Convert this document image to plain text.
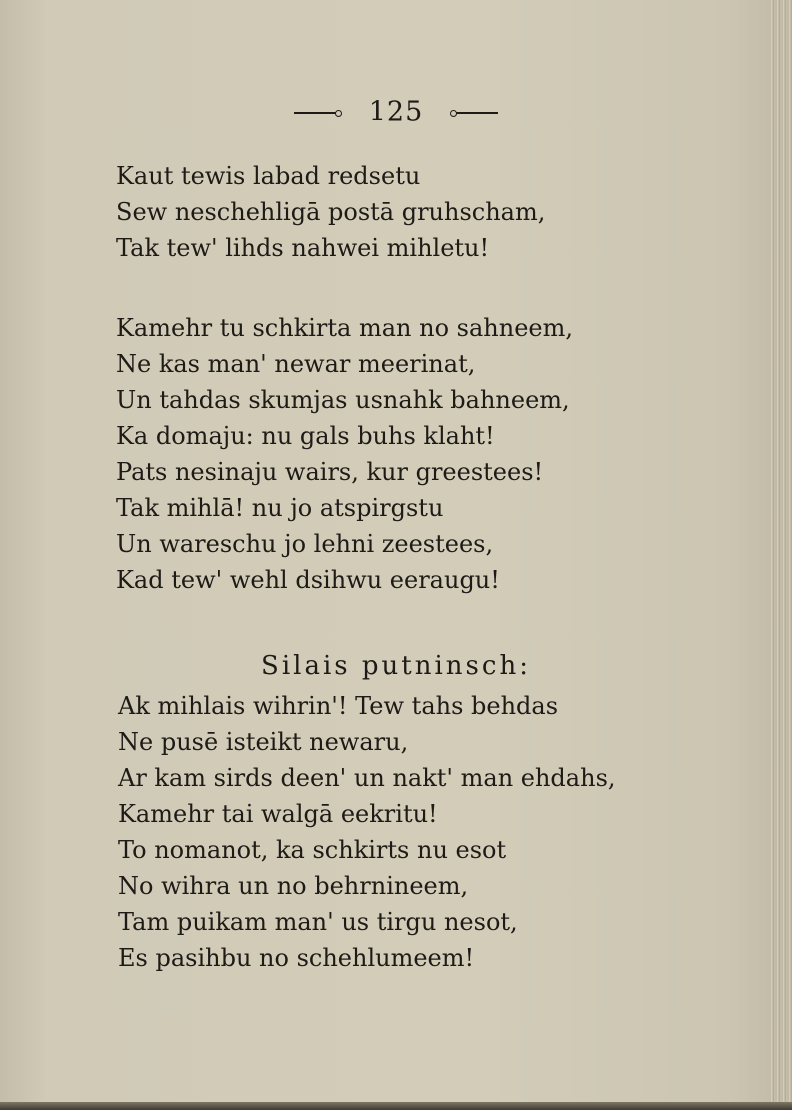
125
Kaut tewis labad redsetu
Sew neschehligā postā gruhscham,
Tak tew' lihds nahwei mihletu!
Kamehr tu schkirta man no sahneem,
Ne kas man' newar meerinat,
Un tahdas skumjas usnahk bahneem,
Ka domaju: nu gals buhs klaht!
Pats nesinaju wairs, kur greestees!
Tak mihlā! nu jo atspirgstu
Un wareschu jo lehni zeestees,
Kad tew' wehl dsihwu eeraugu!
Silais putninsch:
Ak mihlais wihrin'! Tew tahs behdas
Ne pusē isteikt newaru,
Ar kam sirds deen' un nakt' man ehdahs,
Kamehr tai walgā eekritu!
To nomanot, ka schkirts nu esot
No wihra un no behrnineem,
Tam puikam man' us tirgu nesot,
Es pasihbu no schehlumeem!
